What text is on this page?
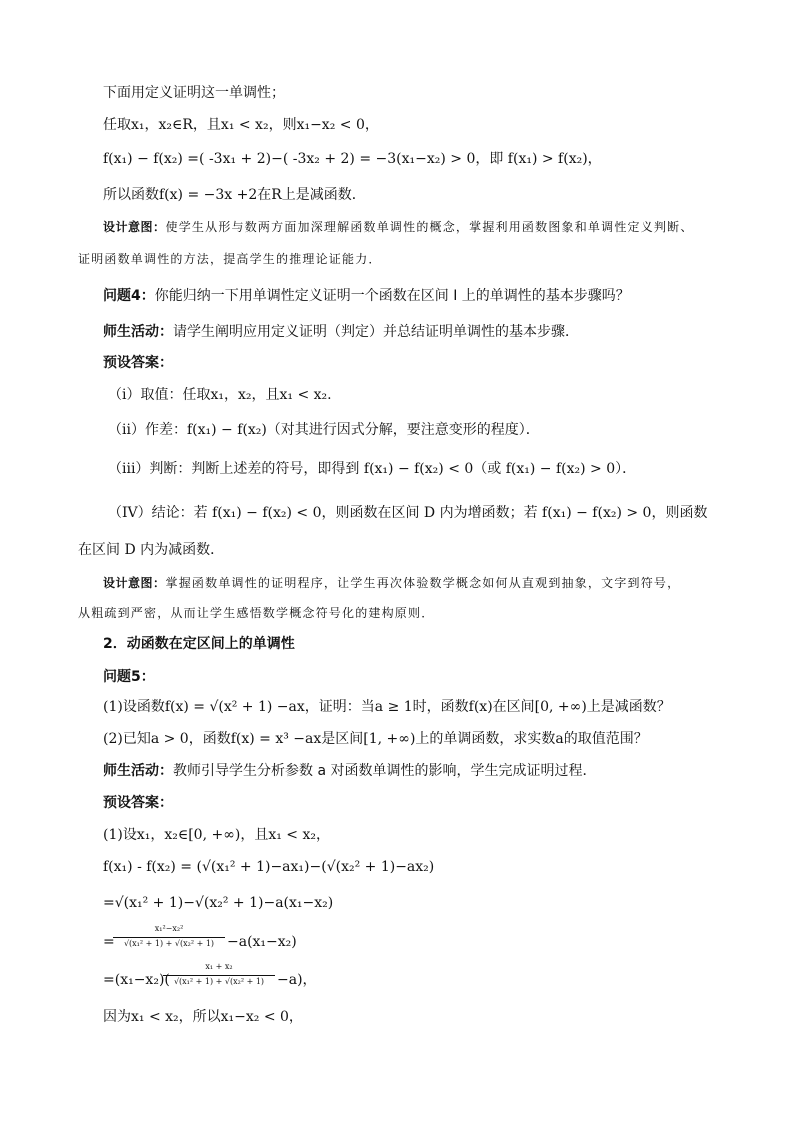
下面用定义证明这一单调性；
任取x₁，x₂∈R，且x₁ < x₂，则x₁−x₂ < 0，
f(x₁) − f(x₂) =( -3x₁ + 2)−( -3x₂ + 2) = −3(x₁−x₂) > 0，即 f(x₁) > f(x₂)，
所以函数f(x) = −3x +2在R上是减函数．
设计意图：使学生从形与数两方面加深理解函数单调性的概念，掌握利用函数图象和单调性定义判断、
证明函数单调性的方法，提高学生的推理论证能力．
问题4：你能归纳一下用单调性定义证明一个函数在区间 I 上的单调性的基本步骤吗？
师生活动：请学生阐明应用定义证明（判定）并总结证明单调性的基本步骤．
预设答案：
（i）取值：任取x₁，x₂，且x₁ < x₂.
（ii）作差：f(x₁) − f(x₂)（对其进行因式分解，要注意变形的程度）．
（iii）判断：判断上述差的符号，即得到 f(x₁) − f(x₂) < 0（或 f(x₁) − f(x₂) > 0）．
（IV）结论：若 f(x₁) − f(x₂) < 0，则函数在区间 D 内为增函数；若 f(x₁) − f(x₂) > 0，则函数
在区间 D 内为减函数．
设计意图：掌握函数单调性的证明程序，让学生再次体验数学概念如何从直观到抽象，文字到符号，
从粗疏到严密，从而让学生感悟数学概念符号化的建构原则．
2．动函数在定区间上的单调性
问题5：
(1)设函数f(x) = √(x² + 1) −ax，证明：当a ≥ 1时，函数f(x)在区间[0, +∞)上是减函数？
(2)已知a > 0，函数f(x) = x³ −ax是区间[1, +∞)上的单调函数，求实数a的取值范围？
师生活动：教师引导学生分析参数 a 对函数单调性的影响，学生完成证明过程．
预设答案：
(1)设x₁，x₂∈[0, +∞)，且x₁ < x₂，
f(x₁) - f(x₂) = (√(x₁² + 1)−ax₁)−(√(x₂² + 1)−ax₂)
=√(x₁² + 1)−√(x₂² + 1)−a(x₁−x₂)
=
x₁²−x₂²
√(x₁² + 1) + √(x₂² + 1) −a(x₁−x₂)
=(x₁−x₂)(
x₁ + x₂
√(x₁² + 1) + √(x₂² + 1) −a)，
因为x₁ < x₂，所以x₁−x₂ < 0，
